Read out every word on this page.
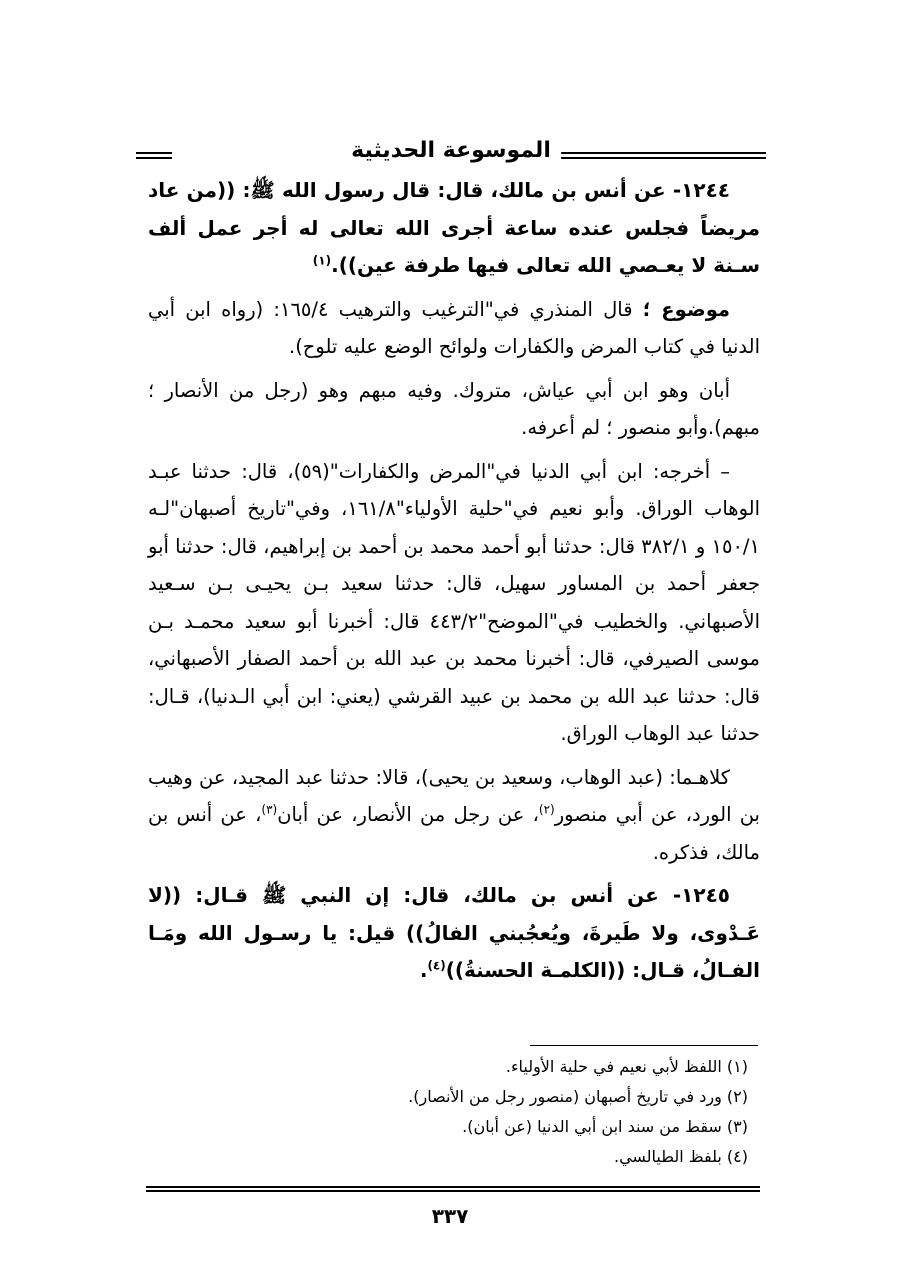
الموسوعة الحديثية

١٢٤٤- عن أنس بن مالك، قال: قال رسول الله ﷺ: ((من عاد مريضاً فجلس عنده ساعة أجرى الله تعالى له أجر عمل ألف سـنة لا يعـصي الله تعالى فيها طرفة عين)).$^{(١)}$

موضوع ؛ قال المنذري في"الترغيب والترهيب ١٦٥/٤: (رواه ابن أبي الدنيا في كتاب المرض والكفارات ولوائح الوضع عليه تلوح).

أبان وهو ابن أبي عياش، متروك. وفيه مبهم وهو (رجل من الأنصار ؛ مبهم).وأبو منصور ؛ لم أعرفه.

– أخرجه: ابن أبي الدنيا في"المرض والكفارات"(٥٩)، قال: حدثنا عبـد الوهاب الوراق. وأبو نعيم في"حلية الأولياء"١٦١/٨، وفي"تاريخ أصبهان"لـه ١٥٠/١ و ٣٨٢/١ قال: حدثنا أبو أحمد محمد بن أحمد بن إبراهيم، قال: حدثنا أبو جعفر أحمد بن المساور سهيل، قال: حدثنا سعيد بـن يحيـى بـن سـعيد الأصبهاني. والخطيب في"الموضح"٤٤٣/٢ قال: أخبرنا أبو سعيد محمـد بـن موسى الصيرفي، قال: أخبرنا محمد بن عبد الله بن أحمد الصفار الأصبهاني، قال: حدثنا عبد الله بن محمد بن عبيد القرشي (يعني: ابن أبي الـدنيا)، قـال: حدثنا عبد الوهاب الوراق.

كلاهـما: (عبد الوهاب، وسعيد بن يحيى)، قالا: حدثنا عبد المجيد، عن وهيب بن الورد، عن أبي منصور$^{(٢)}$، عن رجل من الأنصار، عن أبان$^{(٣)}$، عن أنس بن مالك، فذكره.

١٢٤٥- عن أنس بن مالك، قال: إن النبي ﷺ قـال: ((لا عَـدْوى، ولا طَيرةَ، ويُعجُبني الفالُ)) قيل: يا رسـول الله ومَـا الفـالُ، قـال: ((الكلمـة الحسنةُ))$^{(٤)}$.

(١) اللفظ لأبي نعيم في حلية الأولياء.

(٢) ورد في تاريخ أصبهان (منصور رجل من الأنصار).

(٣) سقط من سند ابن أبي الدنيا (عن أبان).

(٤) بلفظ الطيالسي.

٣٣٧
